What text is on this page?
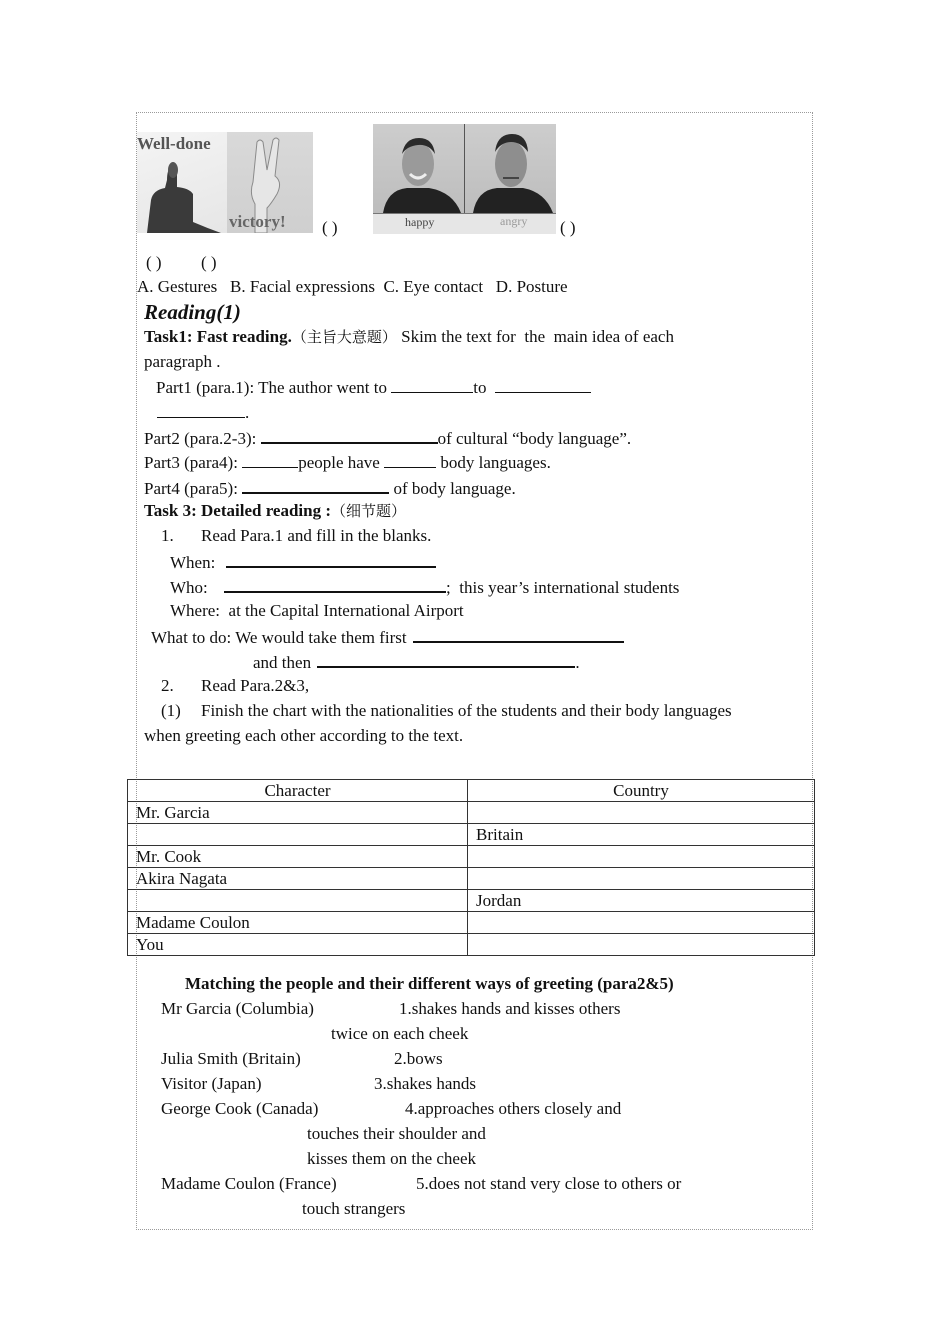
Well-done
victory! ( )	happy	angry ( )
( ) ( )
A. Gestures   B. Facial expressions  C. Eye contact   D. Posture
Reading(1)
Task1: Fast reading.（主旨大意题） Skim the text for  the  main idea of each
paragraph .
Part1 (para.1): The author went to	to
.
Part2 (para.2-3):	of cultural “body language”.
Part3 (para4):	people have	body languages.
Part4 (para5):	of body language.
Task 3: Detailed reading :（细节题）
1. Read Para.1 and fill in the blanks.
When:
Who:	;  this year’s international students
Where:  at the Capital International Airport
What to do: We would take them first
and then	.
2. Read Para.2&3,
(1) Finish the chart with the nationalities of the students and their body languages
when greeting each other according to the text.
Character	Country
Mr. Garcia	
	Britain
Mr. Cook	
Akira Nagata	
	Jordan
Madame Coulon	
You	
Matching the people and their different ways of greeting (para2&5)
Mr Garcia (Columbia)	1.shakes hands and kisses others
twice on each cheek
Julia Smith (Britain)	2.bows
Visitor (Japan)	3.shakes hands
George Cook (Canada)	4.approaches others closely and
touches their shoulder and
kisses them on the cheek
Madame Coulon (France)	5.does not stand very close to others or
touch strangers
